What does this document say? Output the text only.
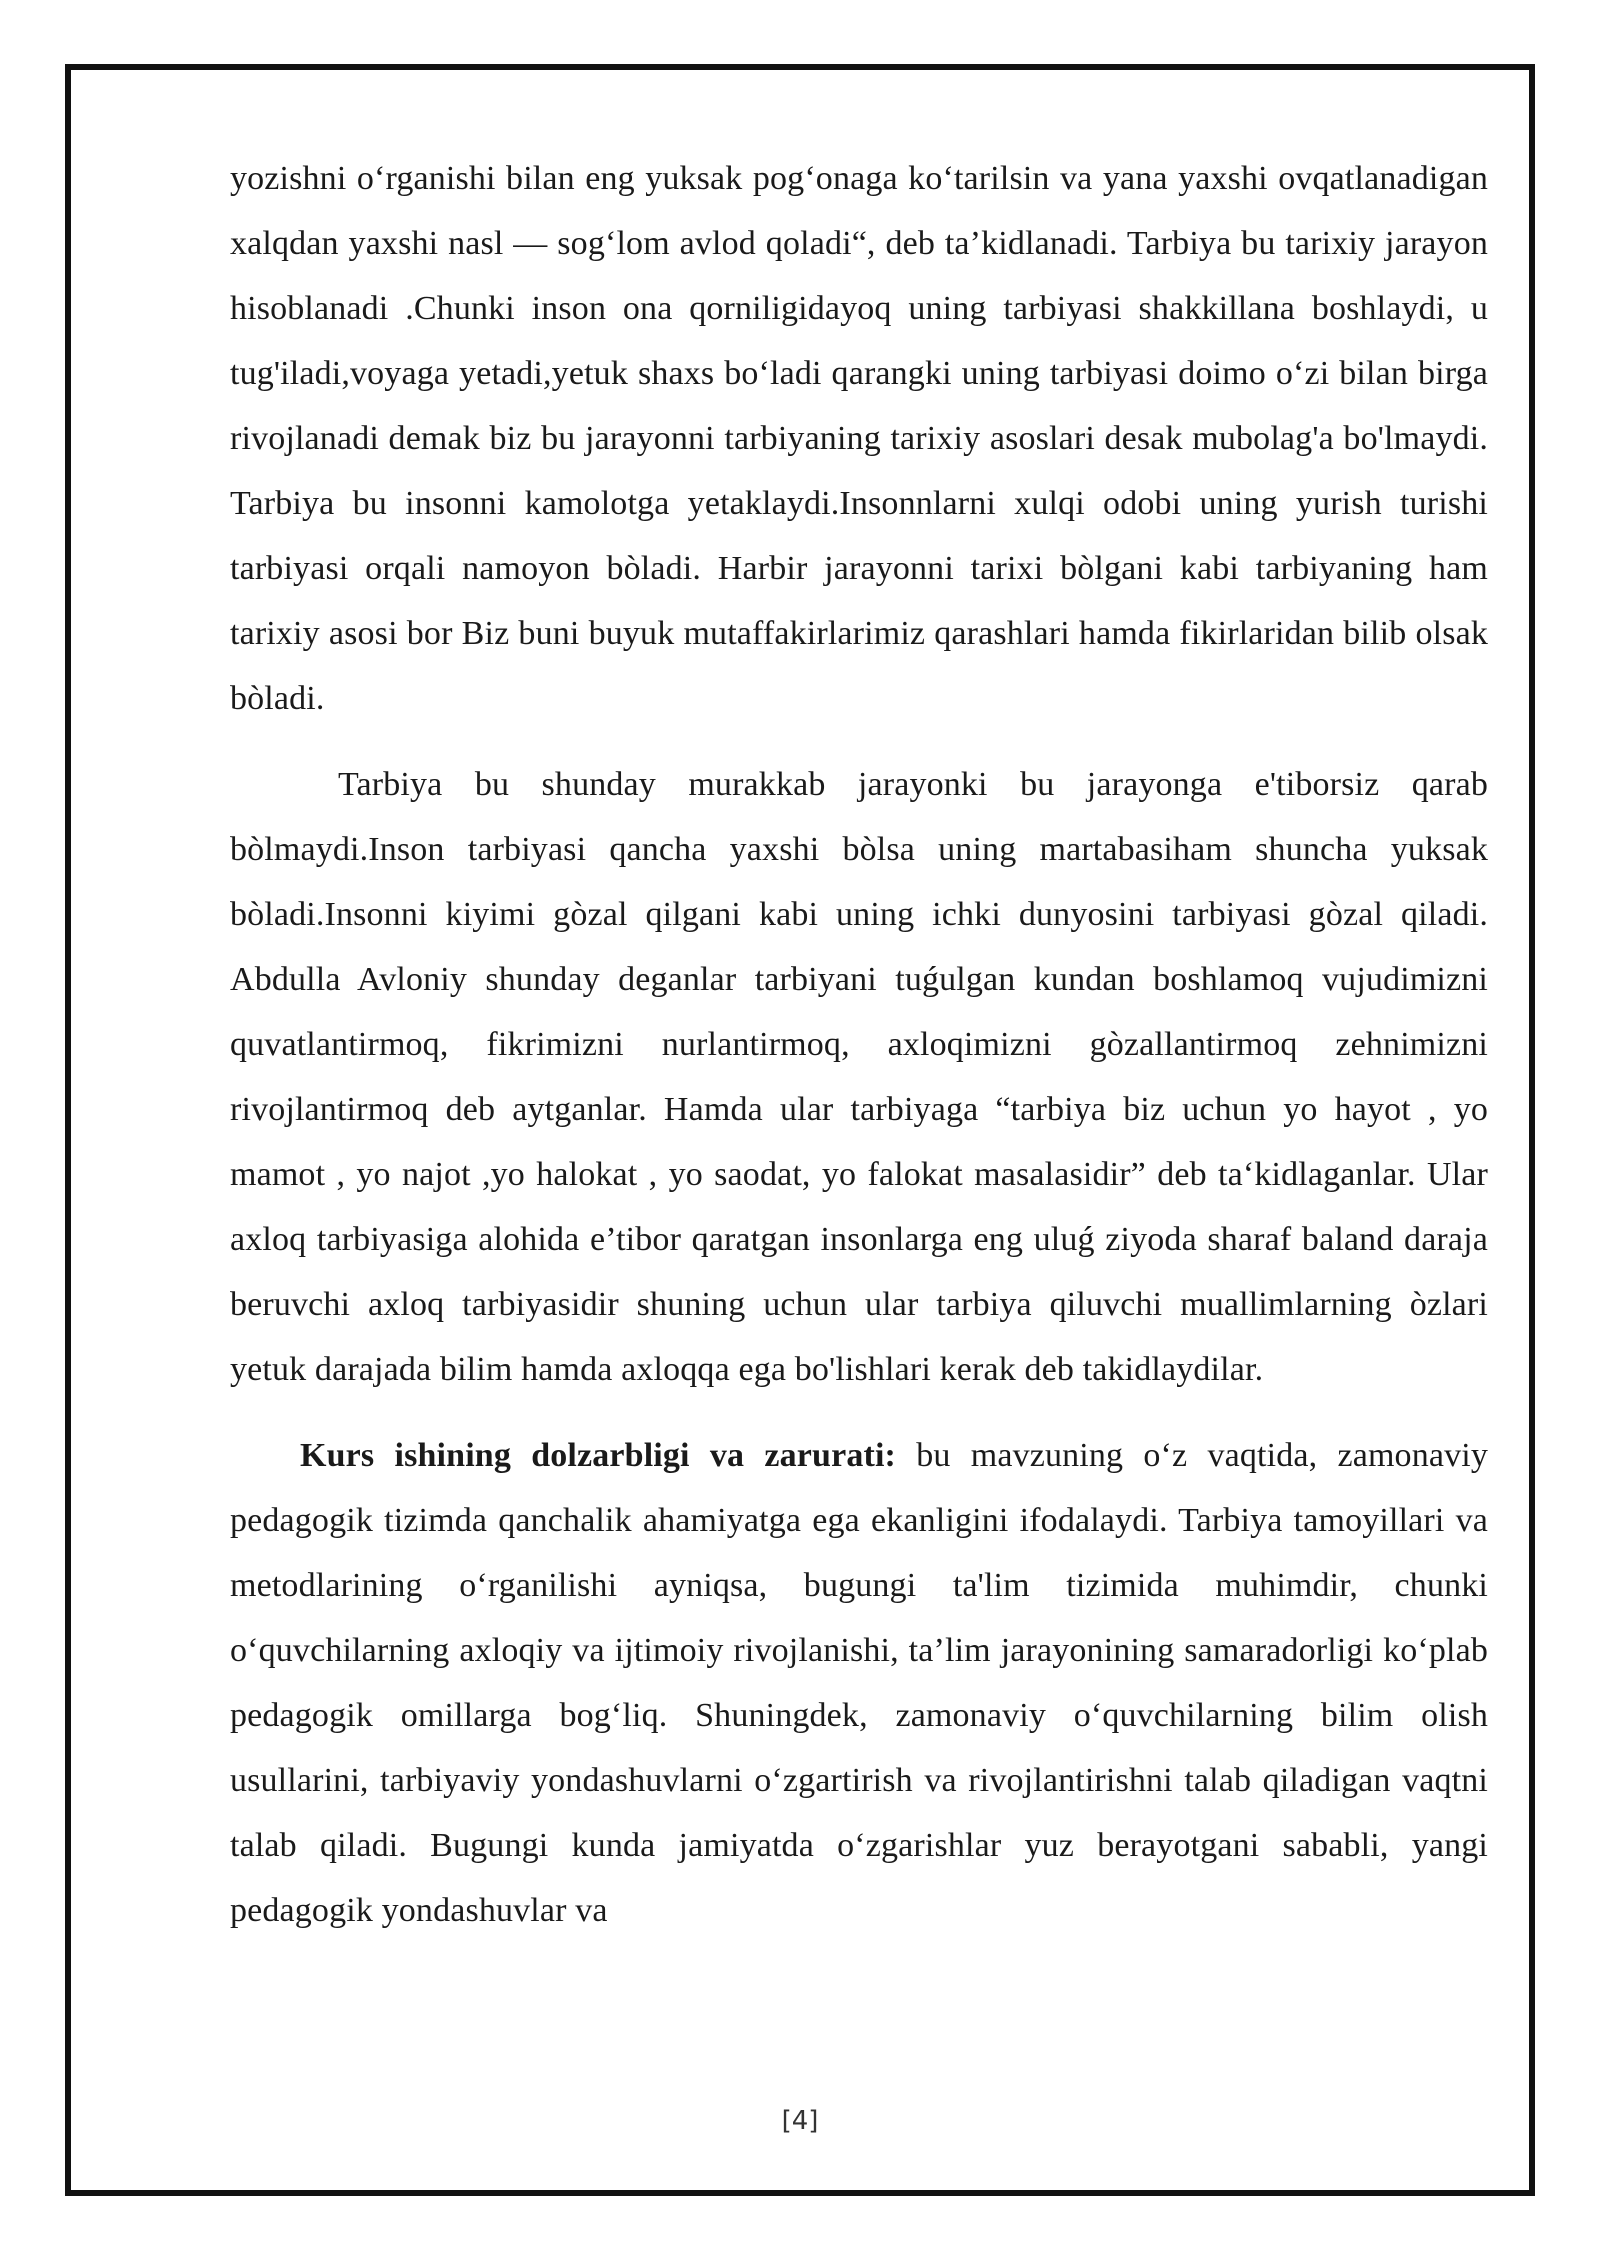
yozishni o‘rganishi bilan eng yuksak pog‘onaga ko‘tarilsin va yana yaxshi ovqatlanadigan xalqdan yaxshi nasl — sog‘lom avlod qoladi“, deb ta’kidlanadi. Tarbiya bu tarixiy jarayon hisoblanadi .Chunki inson ona qorniligidayoq uning tarbiyasi shakkillana boshlaydi, u tug'iladi,voyaga yetadi,yetuk shaxs bo‘ladi qarangki uning tarbiyasi doimo o‘zi bilan birga rivojlanadi demak biz bu jarayonni tarbiyaning tarixiy asoslari desak mubolag'a bo'lmaydi. Tarbiya bu insonni kamolotga yetaklaydi.Insonnlarni xulqi odobi uning yurish turishi tarbiyasi orqali namoyon bòladi. Harbir jarayonni tarixi bòlgani kabi tarbiyaning ham tarixiy asosi bor Biz buni buyuk mutaffakirlarimiz qarashlari hamda fikirlaridan bilib olsak bòladi.

Tarbiya bu shunday murakkab jarayonki bu jarayonga e'tiborsiz qarab bòlmaydi.Inson tarbiyasi qancha yaxshi bòlsa uning martabasiham shuncha yuksak bòladi.Insonni kiyimi gòzal qilgani kabi uning ichki dunyosini tarbiyasi gòzal qiladi. Abdulla Avloniy shunday deganlar tarbiyani tuǵulgan kundan boshlamoq vujudimizni quvatlantirmoq, fikrimizni nurlantirmoq, axloqimizni gòzallantirmoq zehnimizni rivojlantirmoq deb aytganlar. Hamda ular tarbiyaga “tarbiya biz uchun yo hayot , yo mamot , yo najot ,yo halokat , yo saodat, yo falokat masalasidir” deb ta‘kidlaganlar. Ular axloq tarbiyasiga alohida e’tibor qaratgan insonlarga eng uluǵ ziyoda sharaf baland daraja beruvchi axloq tarbiyasidir shuning uchun ular tarbiya qiluvchi muallimlarning òzlari yetuk darajada bilim hamda axloqqa ega bo'lishlari kerak deb takidlaydilar.

Kurs ishining dolzarbligi va zarurati: bu mavzuning o‘z vaqtida, zamonaviy pedagogik tizimda qanchalik ahamiyatga ega ekanligini ifodalaydi. Tarbiya tamoyillari va metodlarining o‘rganilishi ayniqsa, bugungi ta'lim tizimida muhimdir, chunki o‘quvchilarning axloqiy va ijtimoiy rivojlanishi, ta’lim jarayonining samaradorligi ko‘plab pedagogik omillarga bog‘liq. Shuningdek, zamonaviy o‘quvchilarning bilim olish usullarini, tarbiyaviy yondashuvlarni o‘zgartirish va rivojlantirishni talab qiladigan vaqtni talab qiladi. Bugungi kunda jamiyatda o‘zgarishlar yuz berayotgani sababli, yangi pedagogik yondashuvlar va

[4]
